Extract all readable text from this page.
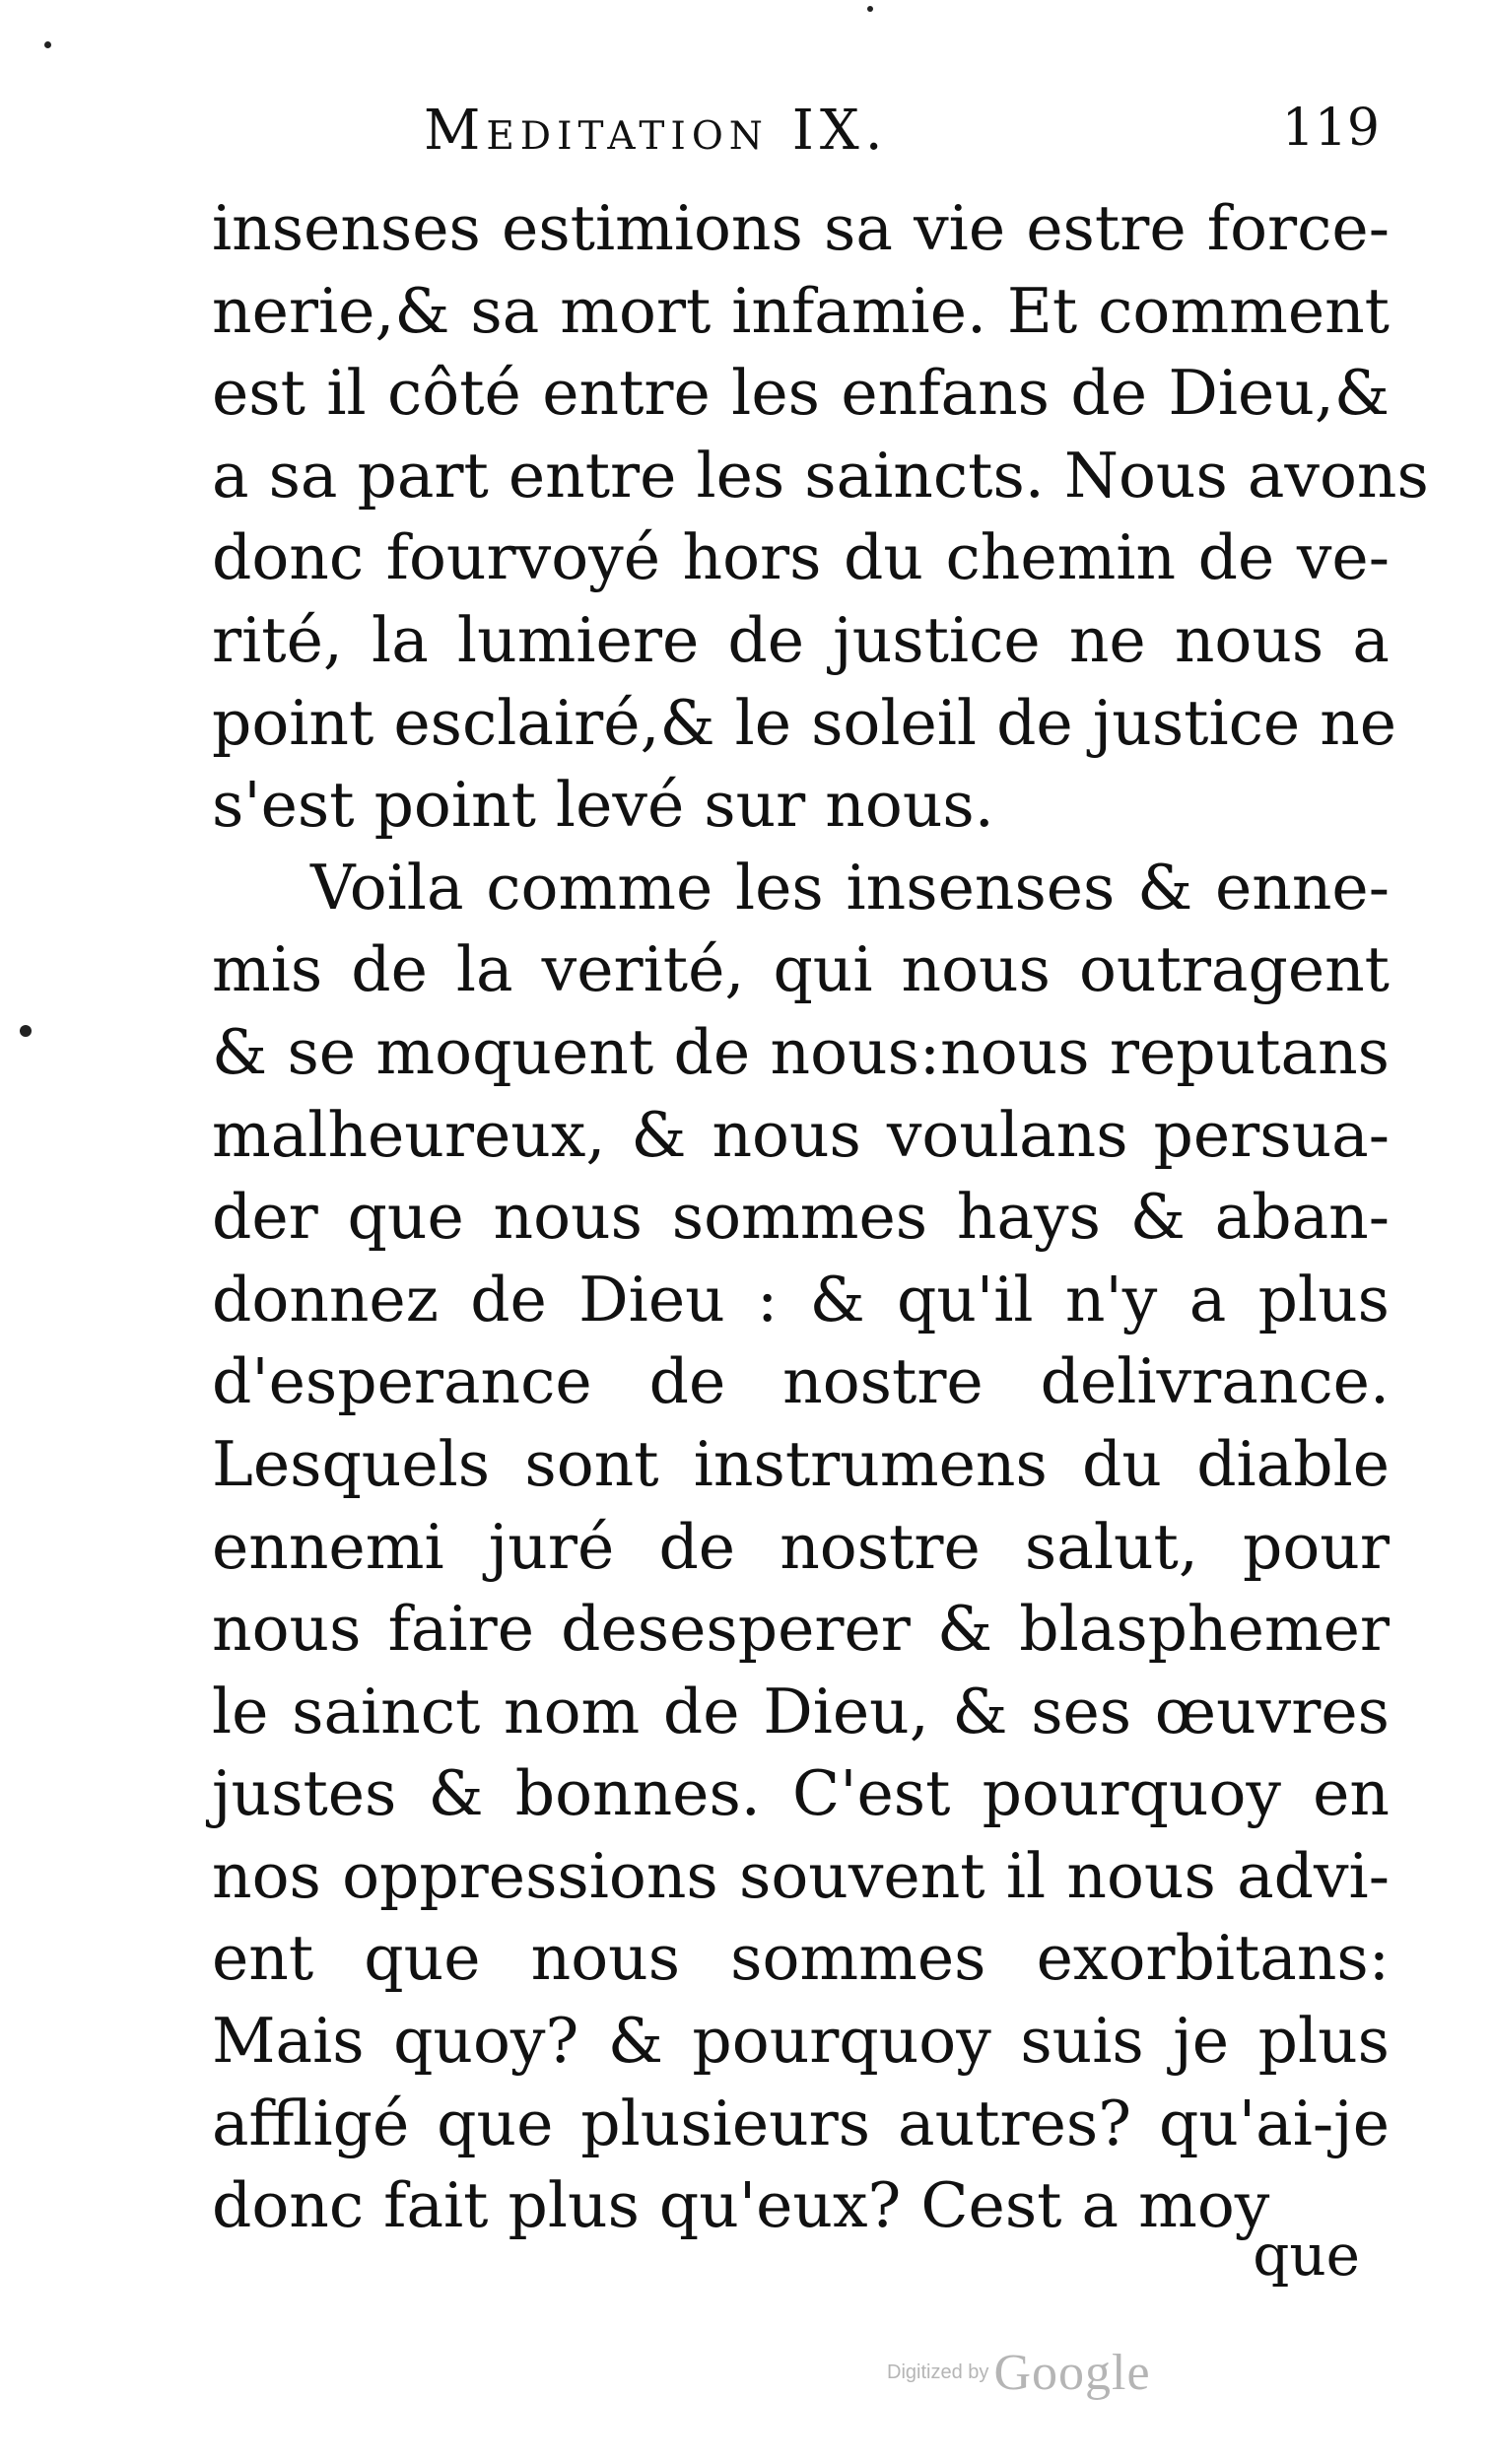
Meditation IX.	119
insenses estimions sa vie estre force-
nerie,& sa mort infamie. Et comment
est il côté entre les enfans de Dieu,&
a sa part entre les saincts. Nous avons
donc fourvoyé hors du chemin de ve-
rité, la lumiere de justice ne nous a
point esclairé,& le soleil de justice ne
s'est point levé sur nous.
Voila comme les insenses & enne-
mis de la verité, qui nous outragent
& se moquent de nous:nous reputans
malheureux, & nous voulans persua-
der que nous sommes hays & aban-
donnez de Dieu : & qu'il n'y a plus
d'esperance de nostre delivrance.
Lesquels sont instrumens du diable
ennemi juré de nostre salut, pour
nous faire desesperer & blasphemer
le sainct nom de Dieu, & ses œuvres
justes & bonnes. C'est pourquoy en
nos oppressions souvent il nous advi-
ent que nous sommes exorbitans:
Mais quoy? & pourquoy suis je plus
affligé que plusieurs autres? qu'ai-je
donc fait plus qu'eux? Cest a moy
que
Digitized by Google
